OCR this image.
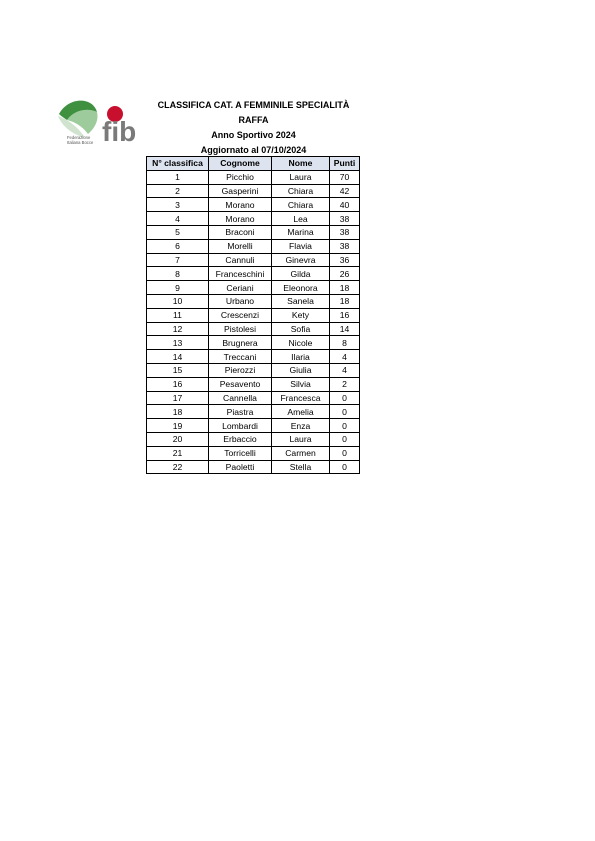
fib
Federazione
Italiana Bocce
CLASSIFICA CAT. A FEMMINILE SPECIALITÀ
RAFFA
Anno Sportivo 2024
Aggiornato al 07/10/2024
N° classifica	Cognome	Nome	Punti
1	Picchio	Laura	70
2	Gasperini	Chiara	42
3	Morano	Chiara	40
4	Morano	Lea	38
5	Braconi	Marina	38
6	Morelli	Flavia	38
7	Cannuli	Ginevra	36
8	Franceschini	Gilda	26
9	Ceriani	Eleonora	18
10	Urbano	Sanela	18
11	Crescenzi	Kety	16
12	Pistolesi	Sofia	14
13	Brugnera	Nicole	8
14	Treccani	Ilaria	4
15	Pierozzi	Giulia	4
16	Pesavento	Silvia	2
17	Cannella	Francesca	0
18	Piastra	Amelia	0
19	Lombardi	Enza	0
20	Erbaccio	Laura	0
21	Torricelli	Carmen	0
22	Paoletti	Stella	0
